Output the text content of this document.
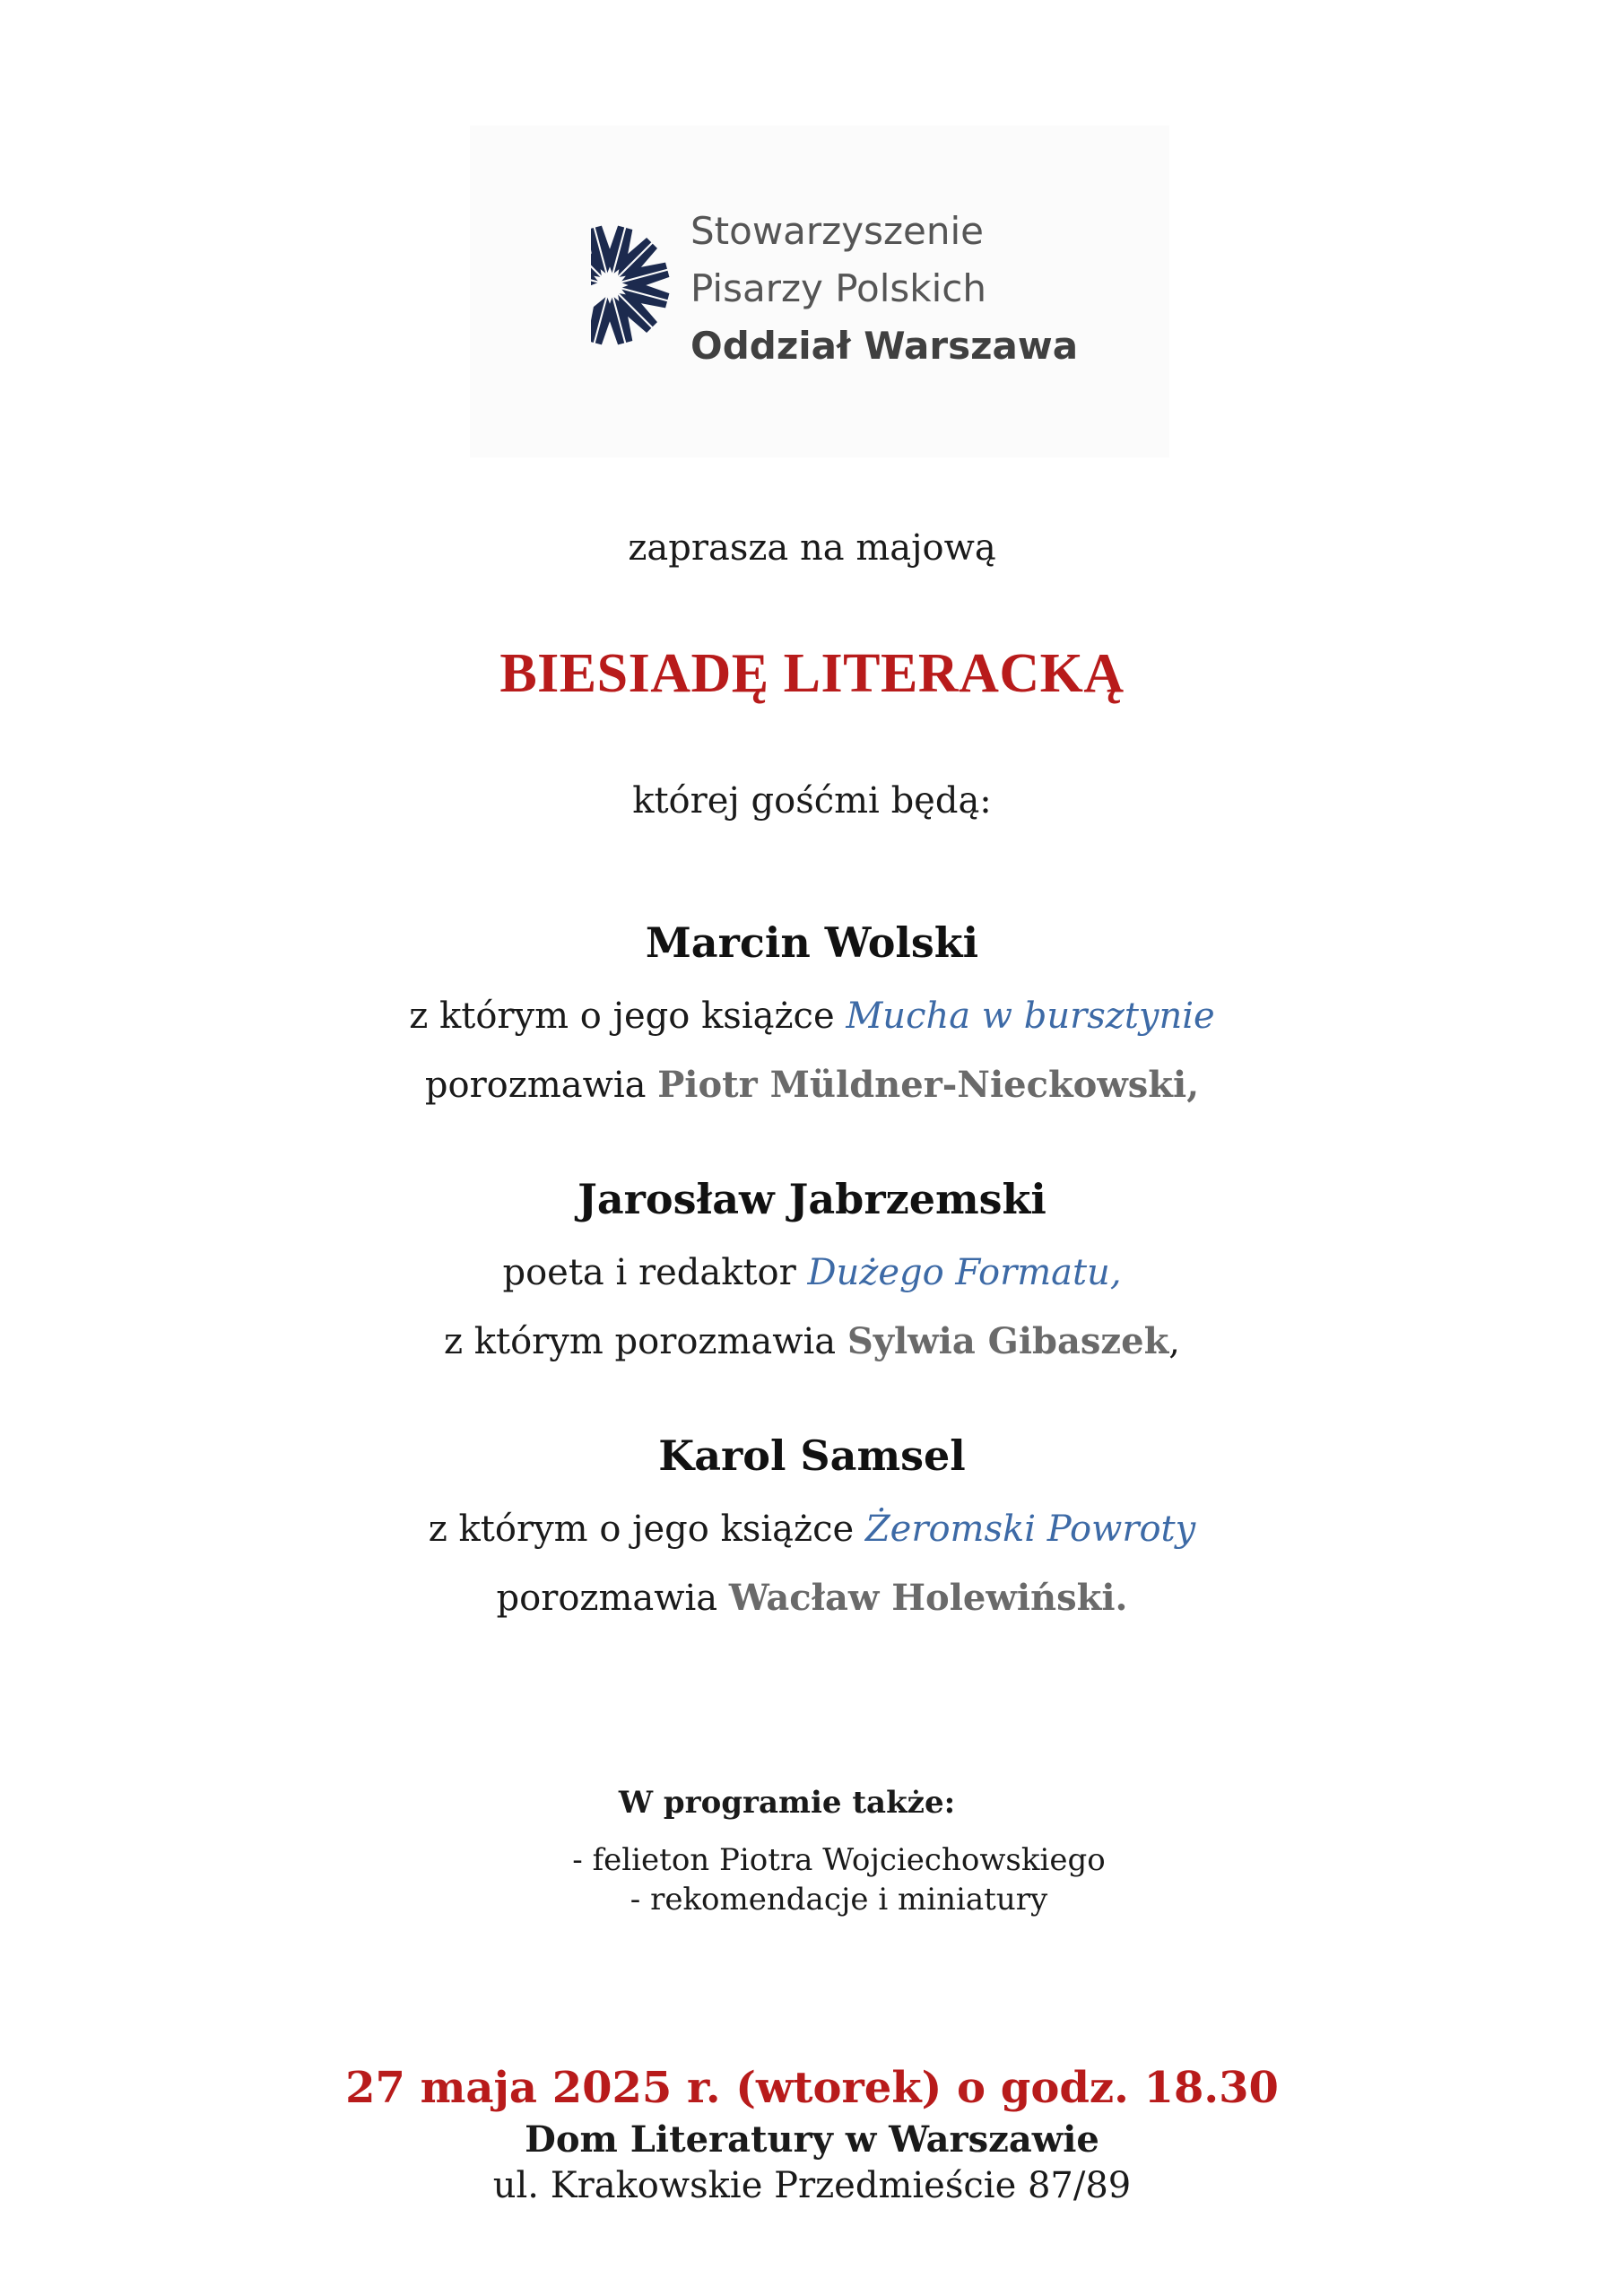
Stowarzyszenie
Pisarzy Polskich
Oddział Warszawa
zaprasza na majową
BIESIADĘ LITERACKĄ
której gośćmi będą:
Marcin Wolski
z którym o jego książce Mucha w bursztynie
porozmawia Piotr Müldner-Nieckowski,
Jarosław Jabrzemski
poeta i redaktor Dużego Formatu,
z którym porozmawia Sylwia Gibaszek,
Karol Samsel
z którym o jego książce Żeromski Powroty
porozmawia Wacław Holewiński.
W programie także:
- felieton Piotra Wojciechowskiego
- rekomendacje i miniatury
27 maja 2025 r. (wtorek) o godz. 18.30
Dom Literatury w Warszawie
ul. Krakowskie Przedmieście 87/89
